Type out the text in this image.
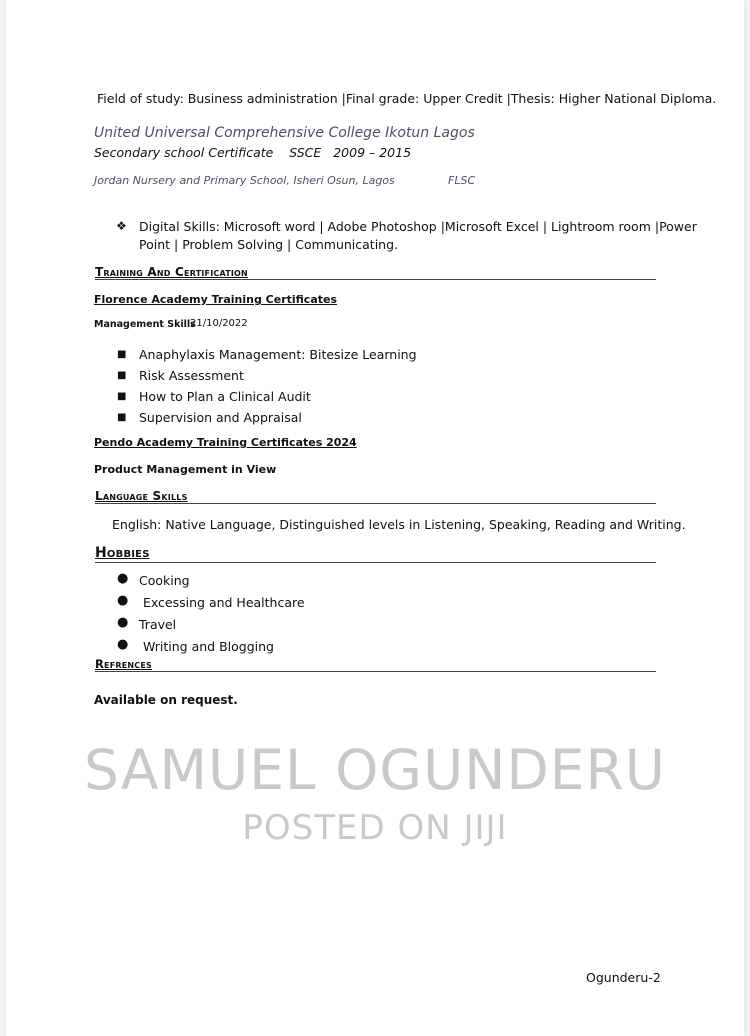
Field of study: Business administration |Final grade: Upper Credit |Thesis: Higher National Diploma.
United Universal Comprehensive College Ikotun Lagos
Secondary school Certificate    SSCE   2009 – 2015
Jordan Nursery and Primary School, Isheri Osun, Lagos	FLSC
❖ Digital Skills: Microsoft word | Adobe Photoshop |Microsoft Excel | Lightroom room |Power
Point | Problem Solving | Communicating.
Training And Certification
Florence Academy Training Certificates
Management Skills
21/10/2022
■ Anaphylaxis Management: Bitesize Learning
■ Risk Assessment
■ How to Plan a Clinical Audit
■ Supervision and Appraisal
Pendo Academy Training Certificates 2024
Product Management in View
Language Skills
English: Native Language, Distinguished levels in Listening, Speaking, Reading and Writing.
Hobbies
● Cooking
● Excessing and Healthcare
● Travel
● Writing and Blogging
Refrences
Available on request.
SAMUEL OGUNDERU
POSTED ON JIJI
Ogunderu-2
